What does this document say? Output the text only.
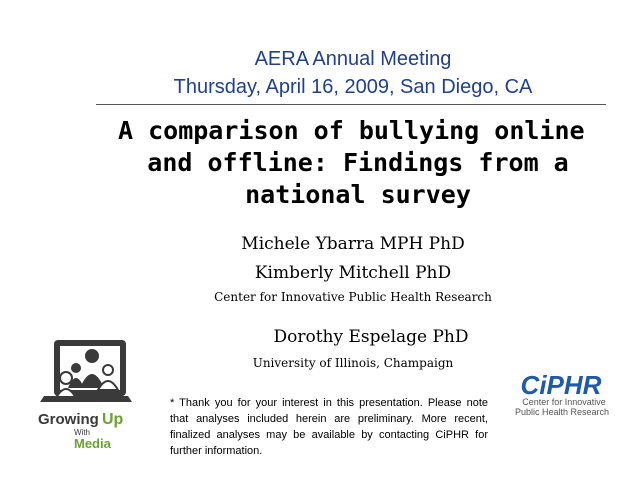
AERA Annual Meeting
Thursday, April 16, 2009, San Diego, CA
A comparison of bullying online
and offline: Findings from a
national survey
Michele Ybarra MPH PhD
Kimberly Mitchell PhD
Center for Innovative Public Health Research
Dorothy Espelage PhD
University of Illinois, Champaign
* Thank you for your interest in this presentation. Please note that analyses included herein are preliminary. More recent, finalized analyses may be available by contacting CiPHR for further information.
Growing Up
With
Media
CiPHR
Center for Innovative
Public Health Research
